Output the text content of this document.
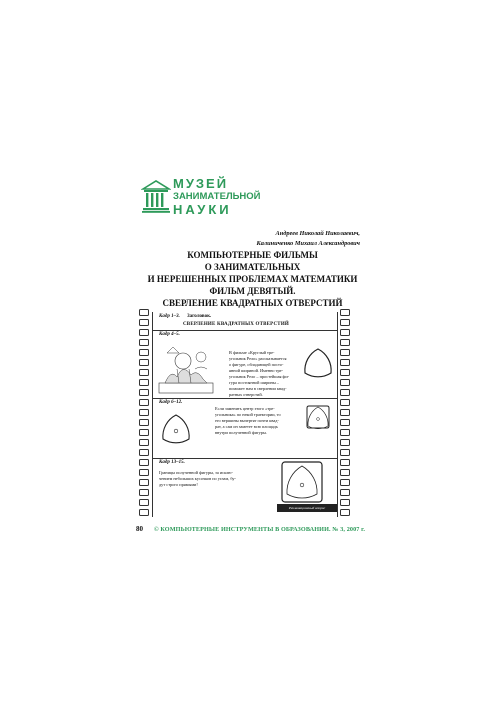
МУЗЕЙ
ЗАНИМАТЕЛЬНОЙ
НАУКИ
Андреев Николай Николаевич,
Калиниченко Михаил Александрович
КОМПЬЮТЕРНЫЕ ФИЛЬМЫ
О ЗАНИМАТЕЛЬНЫХ
И НЕРЕШЕННЫХ ПРОБЛЕМАХ МАТЕМАТИКИ
ФИЛЬМ ДЕВЯТЫЙ.
СВЕРЛЕНИЕ КВАДРАТНЫХ ОТВЕРСТИЙ
Кадр 1–3. Заголовок.
СВЕРЛЕНИЕ КВАДРАТНЫХ ОТВЕРСТИЙ
Кадр 4–5.
В фильме «Круглый тре-
угольник Рело» рассказывается
о фигуре, обладающей посто-
янной шириной. Именно тре-
угольник Рело – простейшая фи-
гура постоянной ширины –
поможет нам в сверлении квад-
ратных отверстий.
Кадр 6–12.
Если заменить центр этого «тре-
угольника» по некой траектории, то
его вершины вычертят почти квад-
рат, а сам он заметет всю площадь
внутри полученной фигуры.
Кадр 13–15.
Границы полученной фигуры, за исклю-
чением небольших кусочков по углам, бу-
дут строго прямыми!
Рекламационный вопрос
80 © КОМПЬЮТЕРНЫЕ ИНСТРУМЕНТЫ В ОБРАЗОВАНИИ. № 3, 2007 г.
